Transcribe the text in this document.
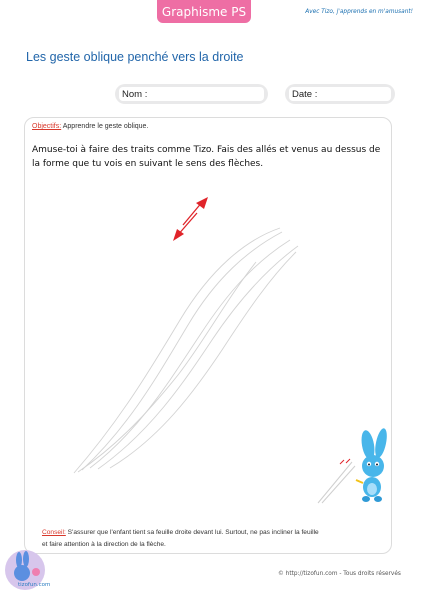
Graphisme PS	Avec Tizo, j'apprends en m'amusant!
Les geste oblique penché vers la droite
Nom :	Date :
Objectifs: Apprendre le geste oblique.
Amuse-toi à faire des traits comme Tizo. Fais des allés et venus au dessus de
la forme que tu vois en suivant le sens des flèches.
Conseil: S'assurer que l'enfant tient sa feuille droite devant lui. Surtout, ne pas incliner la feuille
et faire attention à la direction de la flèche.
tizofun.com
© http://tizofun.com - Tous droits réservés
